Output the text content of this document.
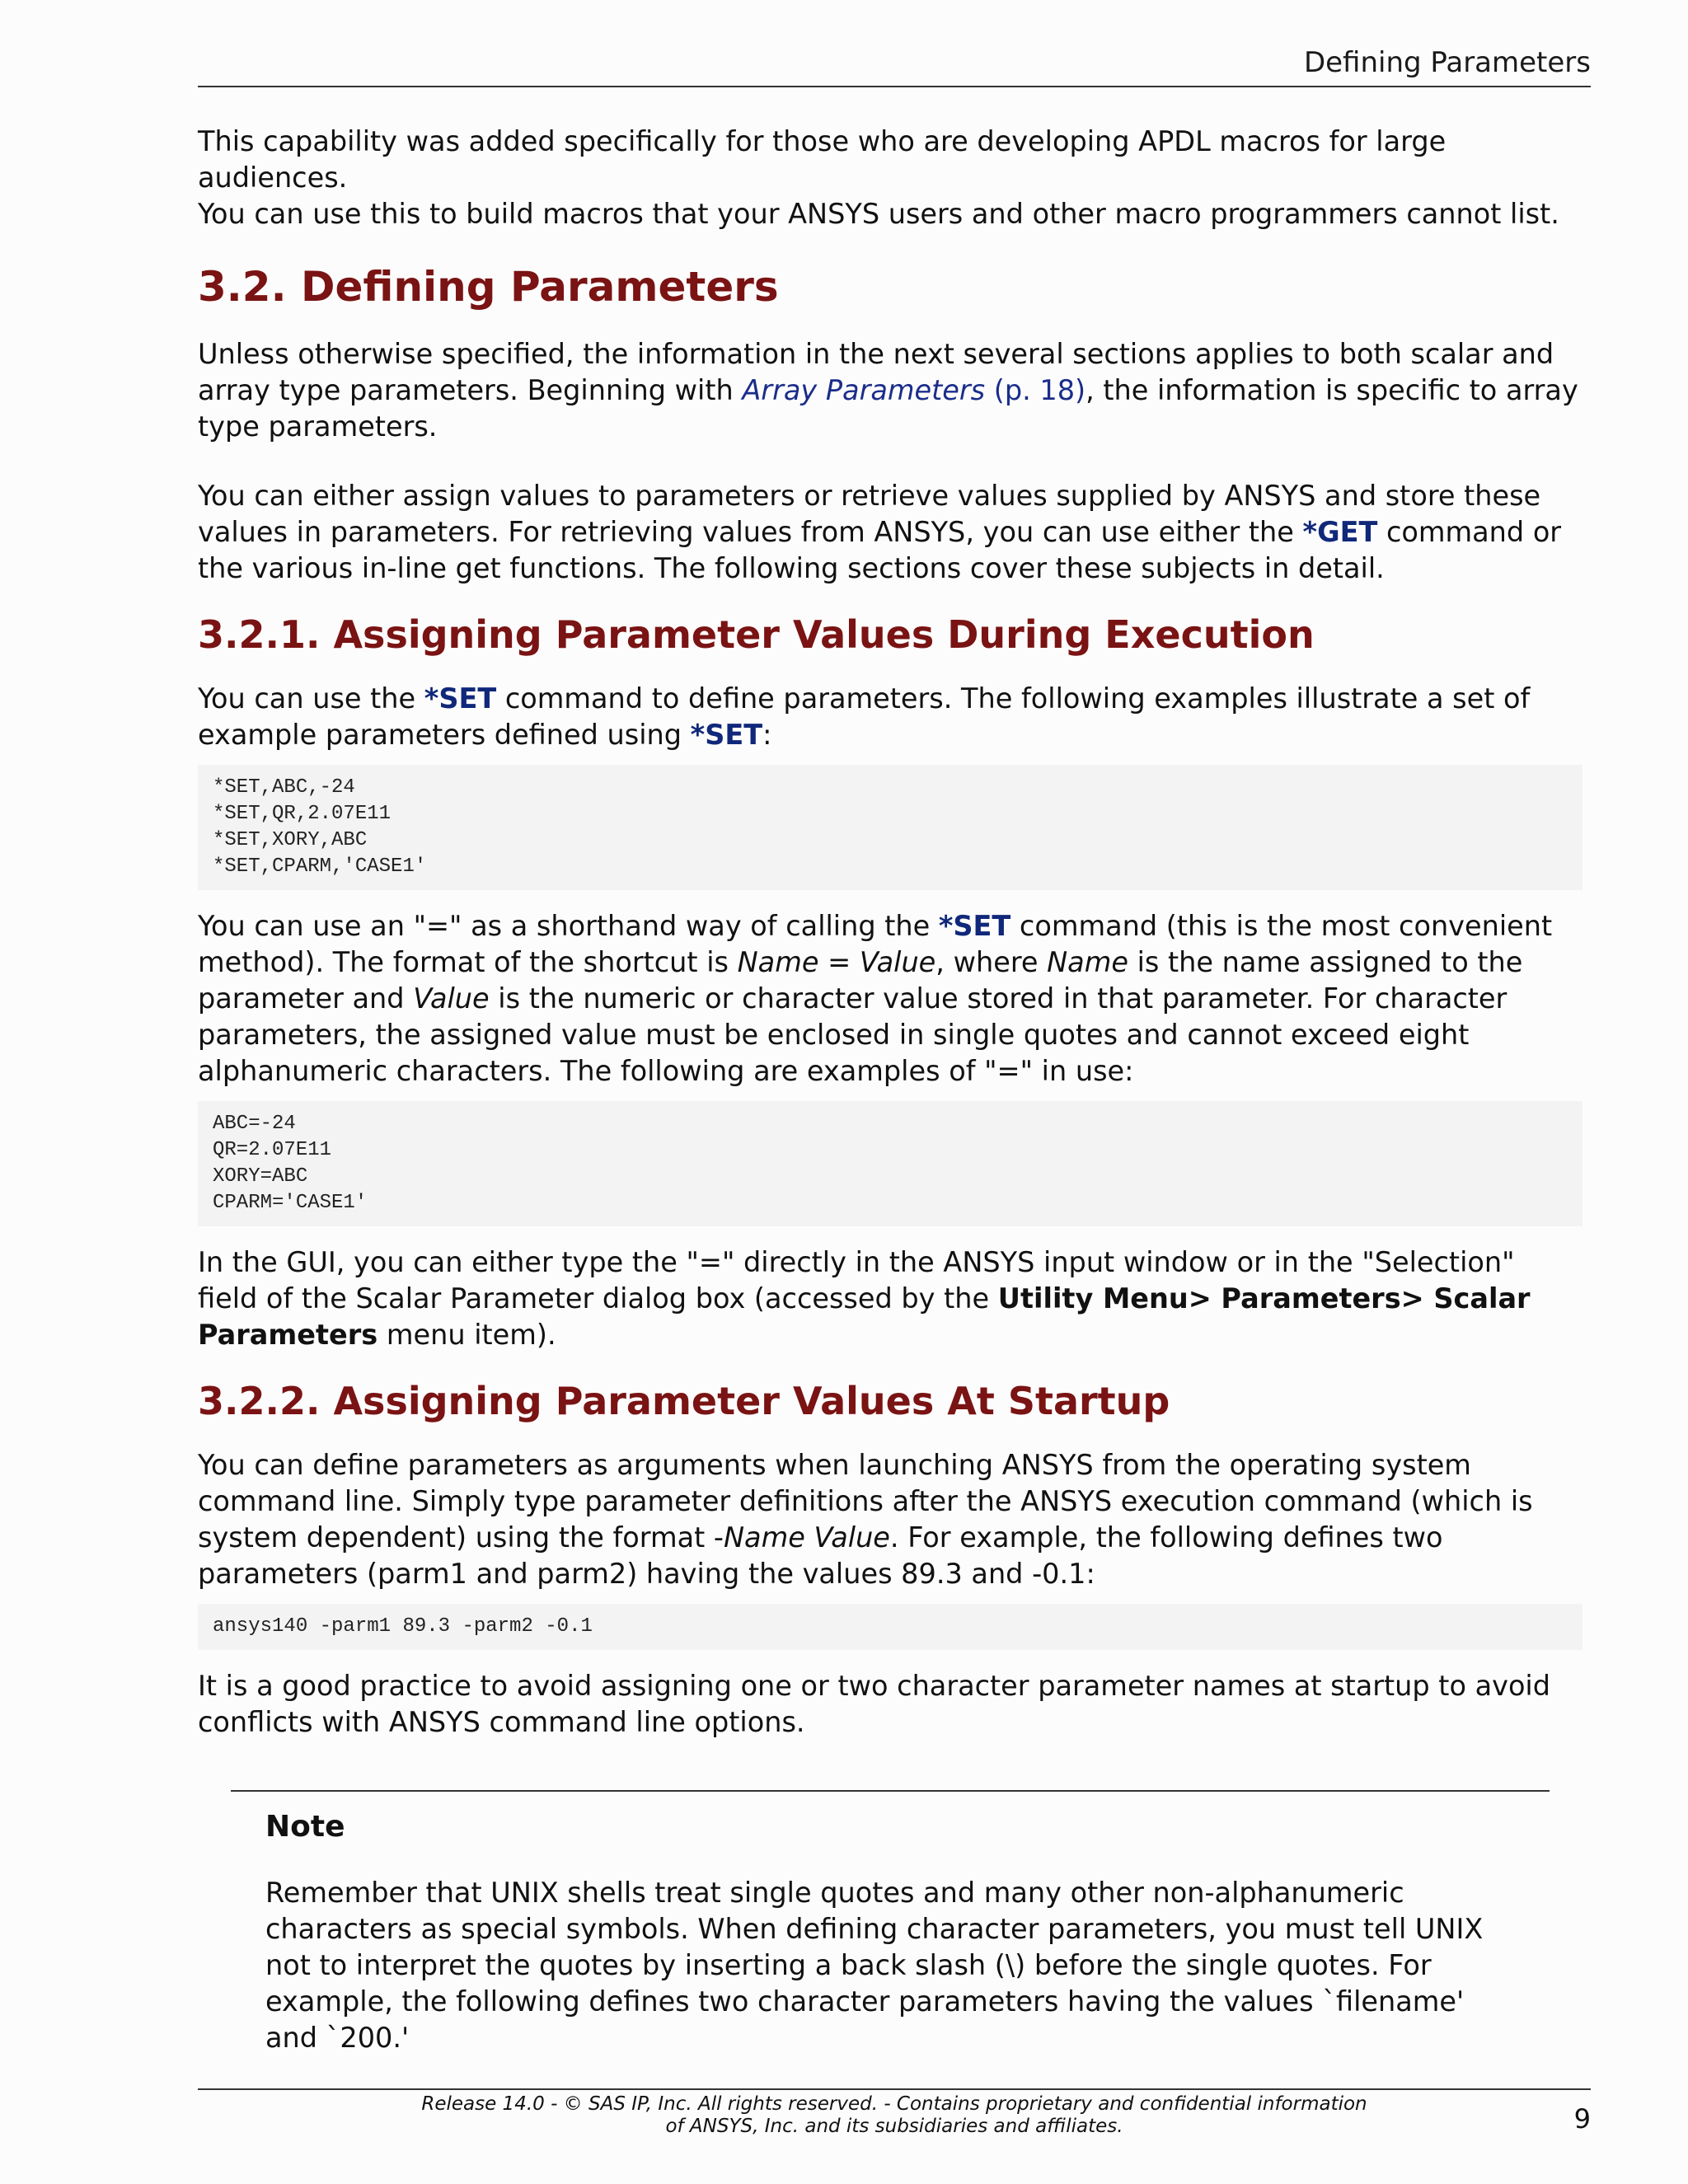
Defining Parameters

This capability was added specifically for those who are developing APDL macros for large audiences.
You can use this to build macros that your ANSYS users and other macro programmers cannot list.

3.2. Defining Parameters

Unless otherwise specified, the information in the next several sections applies to both scalar and array type parameters. Beginning with Array Parameters (p. 18), the information is specific to array type parameters.

You can either assign values to parameters or retrieve values supplied by ANSYS and store these values in parameters. For retrieving values from ANSYS, you can use either the *GET command or the various in-line get functions. The following sections cover these subjects in detail.

3.2.1. Assigning Parameter Values During Execution

You can use the *SET command to define parameters. The following examples illustrate a set of example parameters defined using *SET:

*SET,ABC,-24
*SET,QR,2.07E11
*SET,XORY,ABC
*SET,CPARM,'CASE1'

You can use an "=" as a shorthand way of calling the *SET command (this is the most convenient method). The format of the shortcut is Name = Value, where Name is the name assigned to the parameter and Value is the numeric or character value stored in that parameter. For character parameters, the assigned value must be enclosed in single quotes and cannot exceed eight alphanumeric characters. The following are examples of "=" in use:

ABC=-24
QR=2.07E11
XORY=ABC
CPARM='CASE1'

In the GUI, you can either type the "=" directly in the ANSYS input window or in the "Selection" field of the Scalar Parameter dialog box (accessed by the Utility Menu> Parameters> Scalar Parameters menu item).

3.2.2. Assigning Parameter Values At Startup

You can define parameters as arguments when launching ANSYS from the operating system command line. Simply type parameter definitions after the ANSYS execution command (which is system dependent) using the format -Name Value. For example, the following defines two parameters (parm1 and parm2) having the values 89.3 and -0.1:

ansys140 -parm1 89.3 -parm2 -0.1

It is a good practice to avoid assigning one or two character parameter names at startup to avoid conflicts with ANSYS command line options.

Note
Remember that UNIX shells treat single quotes and many other non-alphanumeric characters as special symbols. When defining character parameters, you must tell UNIX not to interpret the quotes by inserting a back slash (\) before the single quotes. For example, the following defines two character parameters having the values `filename' and `200.'
Release 14.0 - © SAS IP, Inc. All rights reserved. - Contains proprietary and confidential information
of ANSYS, Inc. and its subsidiaries and affiliates.	9
